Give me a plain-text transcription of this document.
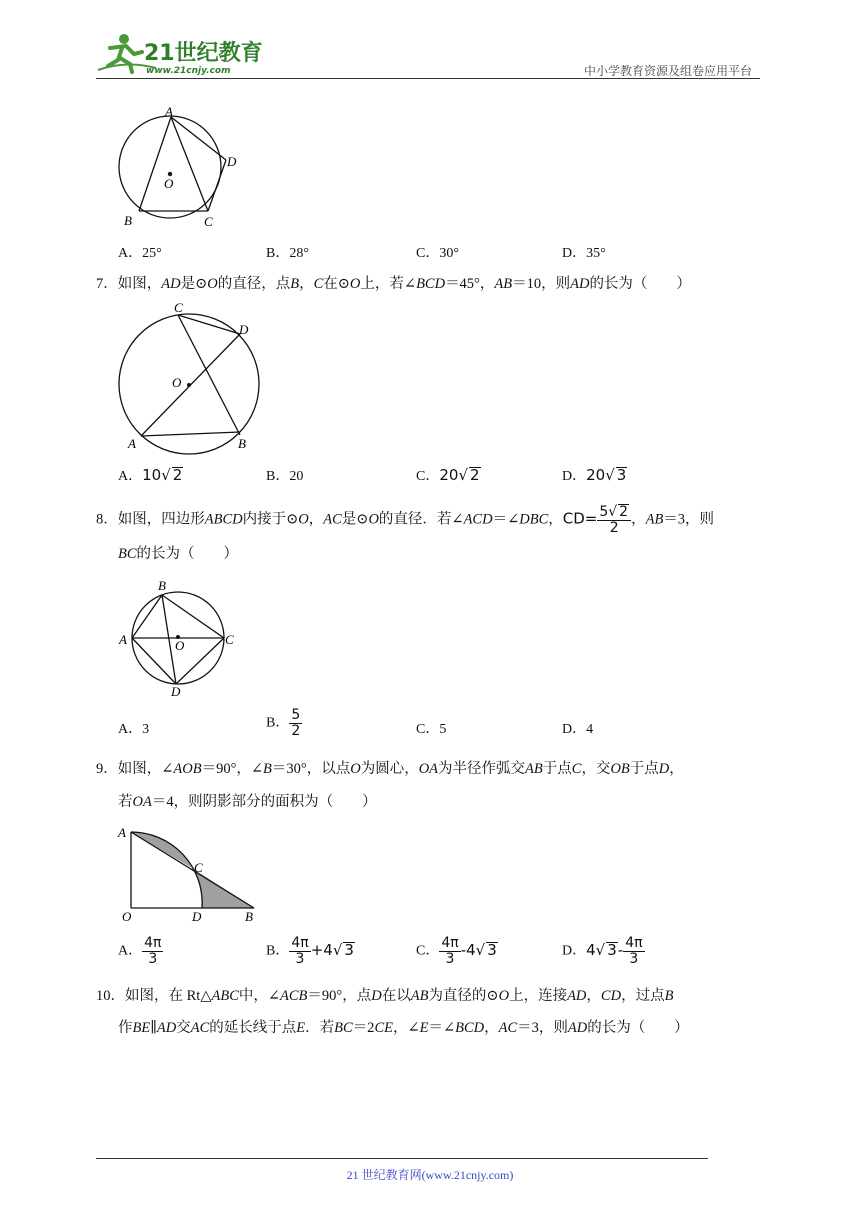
21世纪教育
www.21cnjy.com	中小学教育资源及组卷应用平台
A
B	C
D
O
A．25°	B．28°	C．30°	D．35°
7．如图，AD是⊙O的直径，点B，C在⊙O上，若∠BCD＝45°，AB＝10，则AD的长为（　　）
C
D
O
A	B
A．10√ 2	B．20	C．20√ 2	D．20√ 3
8．如图，四边形ABCD内接于⊙O，AC是⊙O的直径．若∠ACD＝∠DBC，$CD= \frac{5√ 2}{2}$ ，AB＝3，则
BC的长为（　　）
B
A	C
O
D
A．3	B． $\frac{5}{2}$	C．5	D．4
9．如图，∠AOB＝90°，∠B＝30°，以点O为圆心，OA为半径作弧交AB于点C，交OB于点D，
若OA＝4，则阴影部分的面积为（　　）
A
C
O	D	B
A． $\frac{4\pi}{3}$	B． $\frac{4\pi}{3} +4√$ 3	C． $\frac{4\pi}{3} -4√$ 3	D．4√ $3- \frac{4\pi}{3}$
10．如图，在 Rt△ABC中，∠ACB＝90°，点D在以AB为直径的⊙O上，连接AD，CD，过点B
作BE∥AD交AC的延长线于点E．若BC＝2CE，∠E＝∠BCD，AC＝3，则AD的长为（　　）
21 世纪教育网(www.21cnjy.com)
